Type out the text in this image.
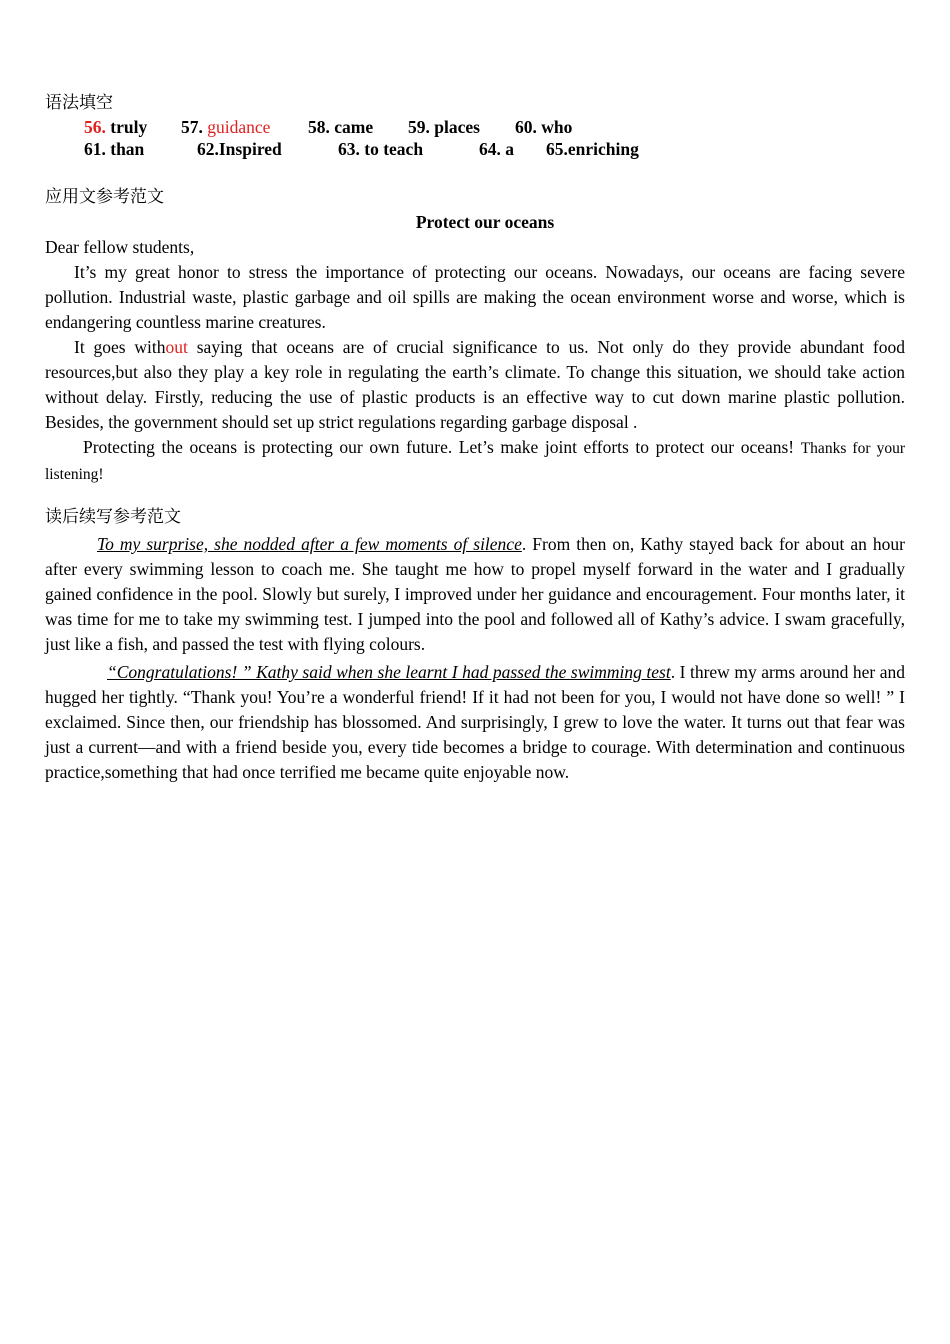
语法填空
56. truly 57. guidance 58. came 59. places 60. who
61. than	62.Inspired	63. to teach	64. a 65.enriching
应用文参考范文
Protect our oceans

Dear fellow students,

It’s my great honor to stress the importance of protecting our oceans. Nowadays, our oceans are facing severe pollution. Industrial waste, plastic garbage and oil spills are making the ocean environment worse and worse, which is endangering countless marine creatures.

It goes without saying that oceans are of crucial significance to us. Not only do they provide abundant food resources,but also they play a key role in regulating the earth’s climate. To change this situation, we should take action without delay. Firstly, reducing the use of plastic products is an effective way to cut down marine plastic pollution. Besides, the government should set up strict regulations regarding garbage disposal .

Protecting the oceans is protecting our own future. Let’s make joint efforts to protect our oceans! Thanks for your listening!

读后续写参考范文

To my surprise, she nodded after a few moments of silence. From then on, Kathy stayed back for about an hour after every swimming lesson to coach me. She taught me how to propel myself forward in the water and I gradually gained confidence in the pool. Slowly but surely, I improved under her guidance and encouragement. Four months later, it was time for me to take my swimming test. I jumped into the pool and followed all of Kathy’s advice. I swam gracefully, just like a fish, and passed the test with flying colours.

“Congratulations! ” Kathy said when she learnt I had passed the swimming test. I threw my arms around her and hugged her tightly. “Thank you! You’re a wonderful friend! If it had not been for you, I would not have done so well! ” I exclaimed. Since then, our friendship has blossomed. And surprisingly, I grew to love the water. It turns out that fear was just a current—and with a friend beside you, every tide becomes a bridge to courage. With determination and continuous practice,something that had once terrified me became quite enjoyable now.
